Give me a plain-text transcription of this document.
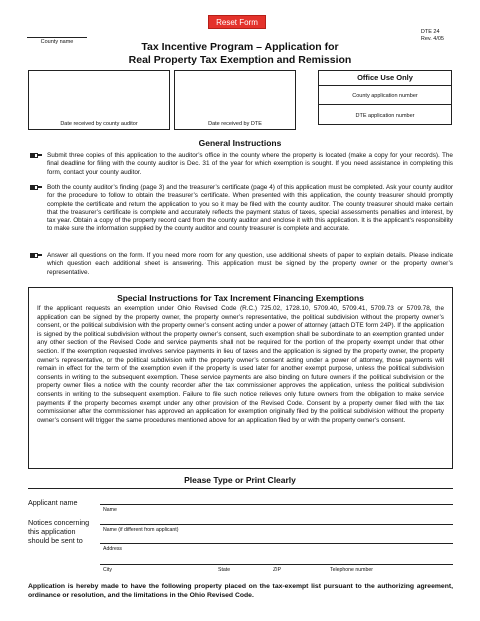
Reset Form
DTE 24
Rev. 4/05
County name	Tax Incentive Program – Application for
Real Property Tax Exemption and Remission
Date received by county auditor	Date received by DTE
Office Use Only
County application number
DTE application number
General Instructions
Submit three copies of this application to the auditor’s office in the county where the property is located (make a copy for your records). The final deadline for filing with the county auditor is Dec. 31 of the year for which exemption is sought. If you need assistance in completing this form, contact your county auditor.
Both the county auditor’s finding (page 3) and the treasurer’s certificate (page 4) of this application must be completed. Ask your county auditor for the procedure to follow to obtain the treasurer’s certificate. When presented with this application, the county treasurer should promptly complete the certificate and return the application to you so it may be filed with the county auditor. The county treasurer should make certain that the treasurer’s certificate is complete and accurately reflects the payment status of taxes, special assessments penalties and interest, by tax year. Obtain a copy of the property record card from the county auditor and enclose it with this application. It is the applicant’s responsibility to make sure the information supplied by the county auditor and county treasurer is complete and accurate.
Answer all questions on the form. If you need more room for any question, use additional sheets of paper to explain details. Please indicate which question each additional sheet is answering. This application must be signed by the property owner or the property owner’s representative.
Special Instructions for Tax Increment Financing Exemptions
If the applicant requests an exemption under Ohio Revised Code (R.C.) 725.02, 1728.10, 5709.40, 5709.41, 5709.73 or 5709.78, the application can be signed by the property owner, the property owner’s representative, the political subdivision without the property owner’s consent, or the political subdivision with the property owner’s consent acting under a power of attorney (attach DTE form 24P). If the application is signed by the political subdivision without the property owner’s consent, such exemption shall be subordinate to an exemption granted under any other section of the Revised Code and service payments shall not be required for the portion of the property exempt under that other section. If the exemption requested involves service payments in lieu of taxes and the application is signed by the property owner, the property owner’s representative, or the political subdivision with the property owner’s consent acting under a power of attorney, those payments will remain in effect for the term of the exemption even if the property is used later for another exempt purpose, unless the political subdivision consents in writing to the subsequent exemption. These service payments are also binding on future owners if the political subdivision or the property owner files a notice with the county recorder after the tax commissioner approves the application, unless the political subdivision consents in writing to the subsequent exemption. Failure to file such notice relieves only future owners from the obligation to make service payments if the property becomes exempt under any other provision of the Revised Code. Consent by a property owner filed with the tax commissioner after the commissioner has approved an application for exemption originally filed by the political subdivision without the property owner’s consent will trigger the same procedures mentioned above for an application filed by or with the property owner’s consent.
Please Type or Print Clearly
Applicant name
Name
Notices concerning this application should be sent to
Name (if different from applicant)
Address
City	State	ZIP	Telephone number
Application is hereby made to have the following property placed on the tax-exempt list pursuant to the authorizing agreement, ordinance or resolution, and the limitations in the Ohio Revised Code.
